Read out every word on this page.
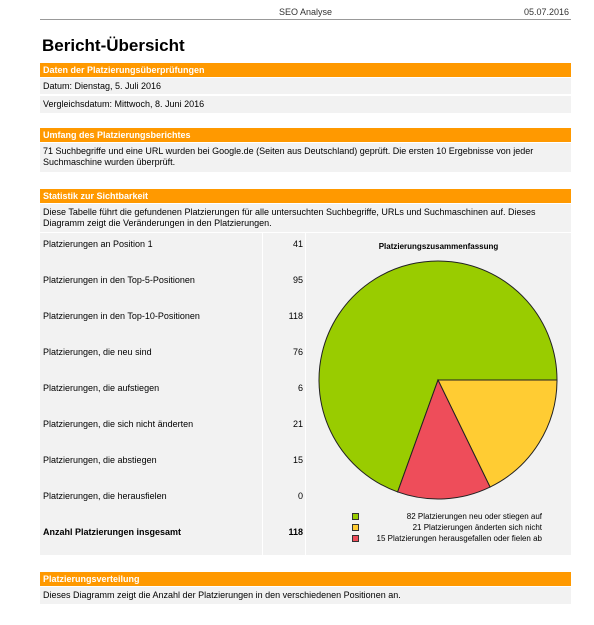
SEO Analyse	05.07.2016
Bericht-Übersicht
Daten der Platzierungsüberprüfungen
Datum: Dienstag, 5. Juli 2016
Vergleichsdatum: Mittwoch, 8. Juni 2016
Umfang des Platzierungsberichtes
71 Suchbegriffe und eine URL wurden bei Google.de (Seiten aus Deutschland) geprüft. Die ersten 10 Ergebnisse von jeder Suchmaschine wurden überprüft.
Statistik zur Sichtbarkeit
Diese Tabelle führt die gefundenen Platzierungen für alle untersuchten Suchbegriffe, URLs und Suchmaschinen auf. Dieses Diagramm zeigt die Veränderungen in den Platzierungen.
Platzierungen an Position 1	41
Platzierungen in den Top-5-Positionen	95
Platzierungen in den Top-10-Positionen	118
Platzierungen, die neu sind	76
Platzierungen, die aufstiegen	6
Platzierungen, die sich nicht änderten	21
Platzierungen, die abstiegen	15
Platzierungen, die herausfielen	0
Anzahl Platzierungen insgesamt	118
Platzierungszusammenfassung
82 Platzierungen neu oder stiegen auf
21 Platzierungen änderten sich nicht
15 Platzierungen herausgefallen oder fielen ab
Platzierungsverteilung
Dieses Diagramm zeigt die Anzahl der Platzierungen in den verschiedenen Positionen an.
